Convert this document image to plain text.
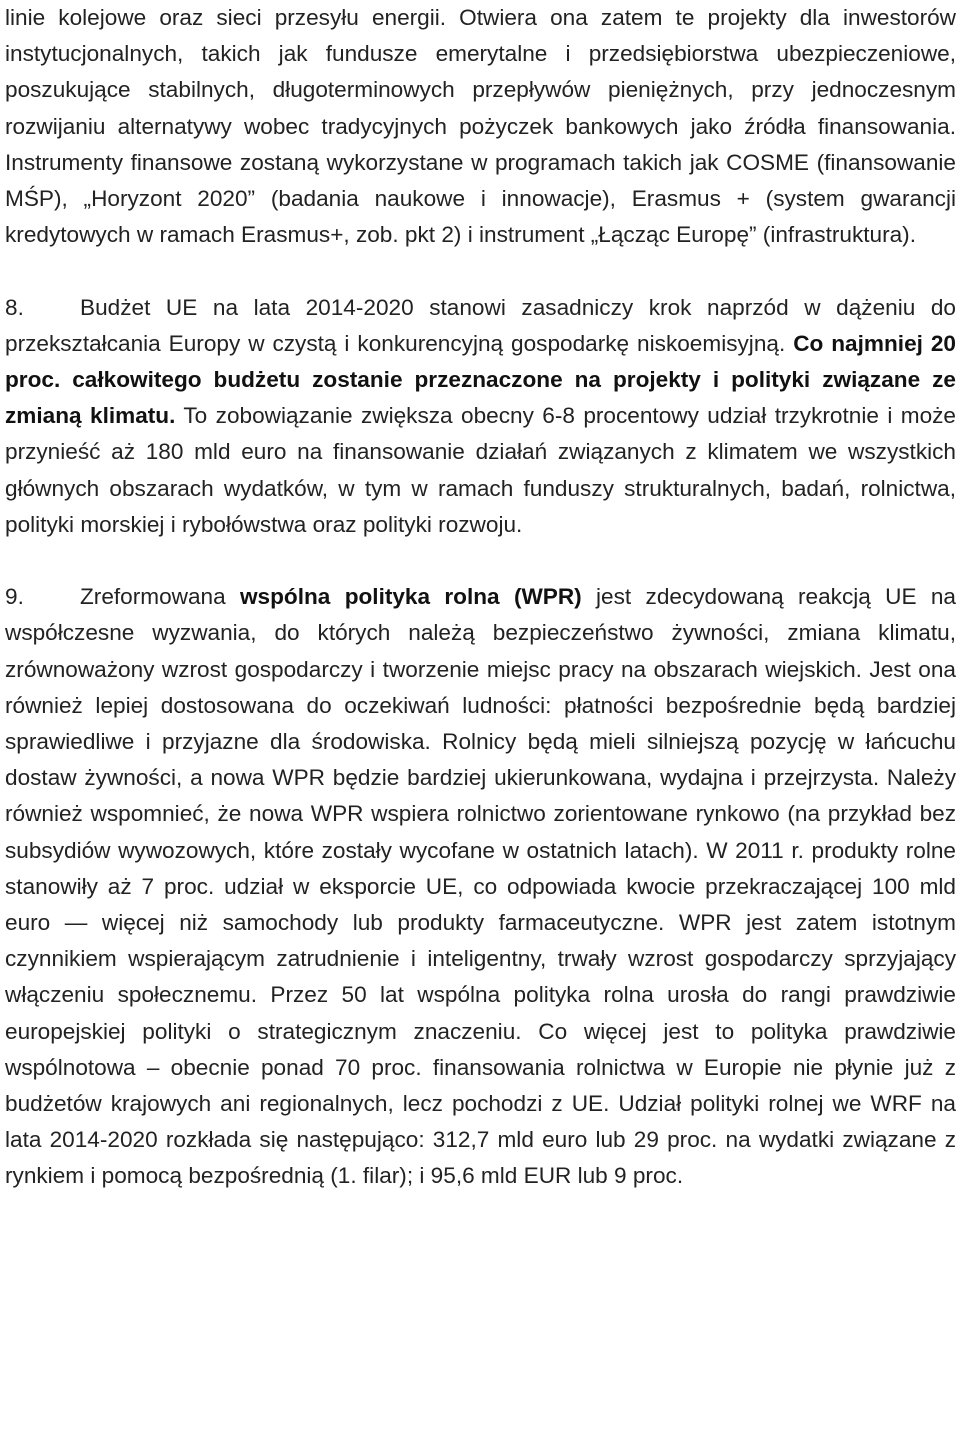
linie kolejowe oraz sieci przesyłu energii. Otwiera ona zatem te projekty dla inwestorów instytucjonalnych, takich jak fundusze emerytalne i przedsiębiorstwa ubezpieczeniowe, poszukujące stabilnych, długoterminowych przepływów pieniężnych, przy jednoczesnym rozwijaniu alternatywy wobec tradycyjnych pożyczek bankowych jako źródła finansowania. Instrumenty finansowe zostaną wykorzystane w programach takich jak COSME (finansowanie MŚP), „Horyzont 2020” (badania naukowe i innowacje), Erasmus + (system gwarancji kredytowych w ramach Erasmus+, zob. pkt 2) i instrument „Łącząc Europę” (infrastruktura).

8. Budżet UE na lata 2014-2020 stanowi zasadniczy krok naprzód w dążeniu do przekształcania Europy w czystą i konkurencyjną gospodarkę niskoemisyjną. Co najmniej 20 proc. całkowitego budżetu zostanie przeznaczone na projekty i polityki związane ze zmianą klimatu. To zobowiązanie zwiększa obecny 6-8 procentowy udział trzykrotnie i może przynieść aż 180 mld euro na finansowanie działań związanych z klimatem we wszystkich głównych obszarach wydatków, w tym w ramach funduszy strukturalnych, badań, rolnictwa, polityki morskiej i rybołówstwa oraz polityki rozwoju.

9. Zreformowana wspólna polityka rolna (WPR) jest zdecydowaną reakcją UE na współczesne wyzwania, do których należą bezpieczeństwo żywności, zmiana klimatu, zrównoważony wzrost gospodarczy i tworzenie miejsc pracy na obszarach wiejskich. Jest ona również lepiej dostosowana do oczekiwań ludności: płatności bezpośrednie będą bardziej sprawiedliwe i przyjazne dla środowiska. Rolnicy będą mieli silniejszą pozycję w łańcuchu dostaw żywności, a nowa WPR będzie bardziej ukierunkowana, wydajna i przejrzysta. Należy również wspomnieć, że nowa WPR wspiera rolnictwo zorientowane rynkowo (na przykład bez subsydiów wywozowych, które zostały wycofane w ostatnich latach). W 2011 r. produkty rolne stanowiły aż 7 proc. udział w eksporcie UE, co odpowiada kwocie przekraczającej 100 mld euro — więcej niż samochody lub produkty farmaceutyczne. WPR jest zatem istotnym czynnikiem wspierającym zatrudnienie i inteligentny, trwały wzrost gospodarczy sprzyjający włączeniu społecznemu. Przez 50 lat wspólna polityka rolna urosła do rangi prawdziwie europejskiej polityki o strategicznym znaczeniu. Co więcej jest to polityka prawdziwie wspólnotowa – obecnie ponad 70 proc. finansowania rolnictwa w Europie nie płynie już z budżetów krajowych ani regionalnych, lecz pochodzi z UE. Udział polityki rolnej we WRF na lata 2014-2020 rozkłada się następująco: 312,7 mld euro lub 29 proc. na wydatki związane z rynkiem i pomocą bezpośrednią (1. filar); i 95,6 mld EUR lub 9 proc.
